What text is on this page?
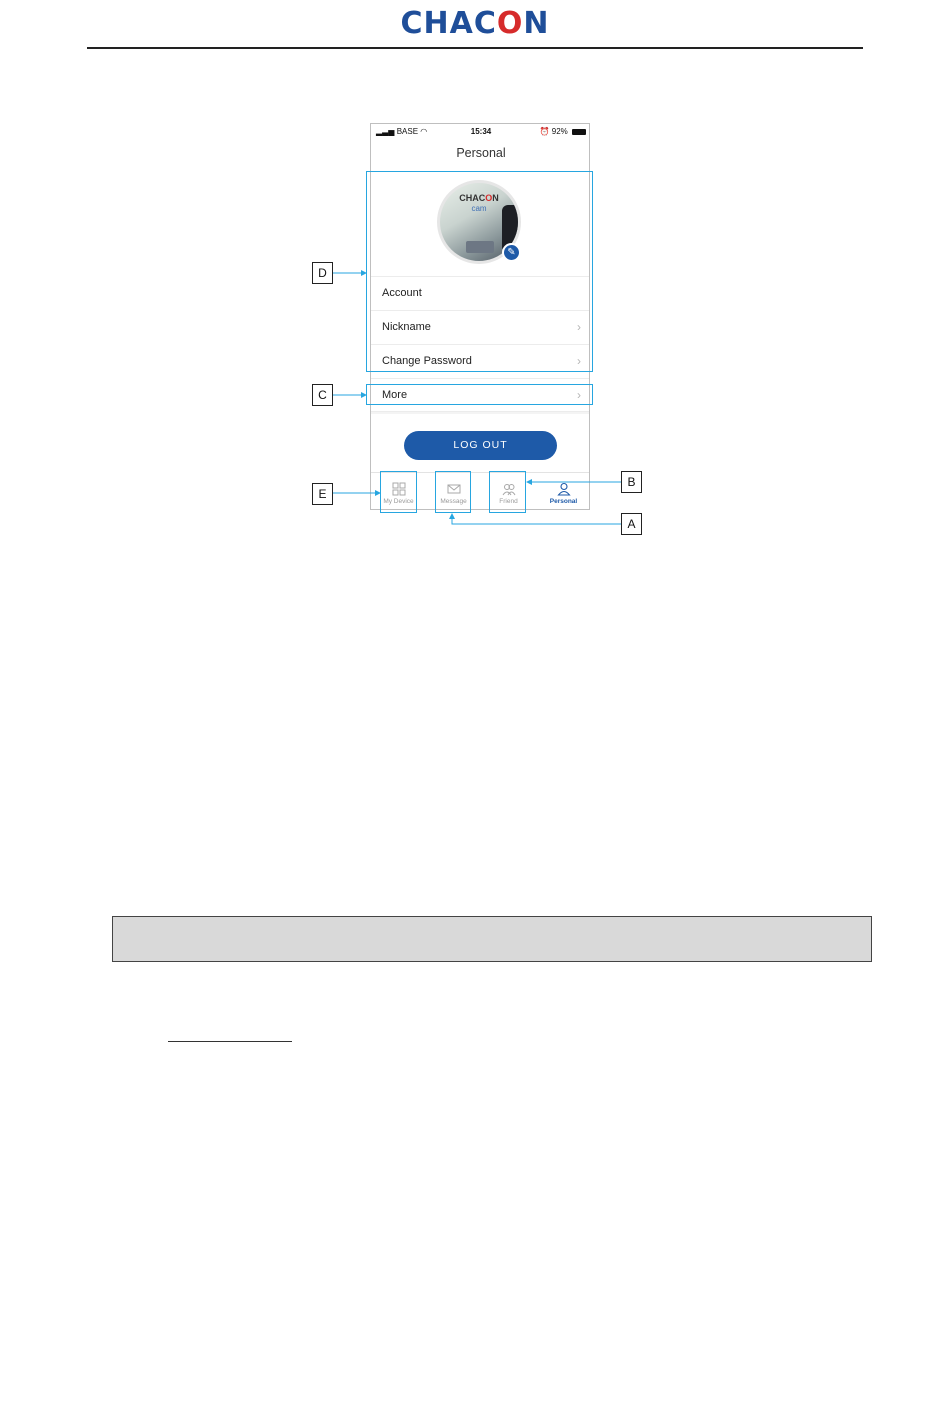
CHACON
▂▃▅ BASE ◠	15:34	⏰ 92%
Personal
CHACON
cam
✎
Account
Nickname	›
Change Password	›
More	›
LOG OUT
My Device	Message	Friend	Personal
D
C
E
B
A
